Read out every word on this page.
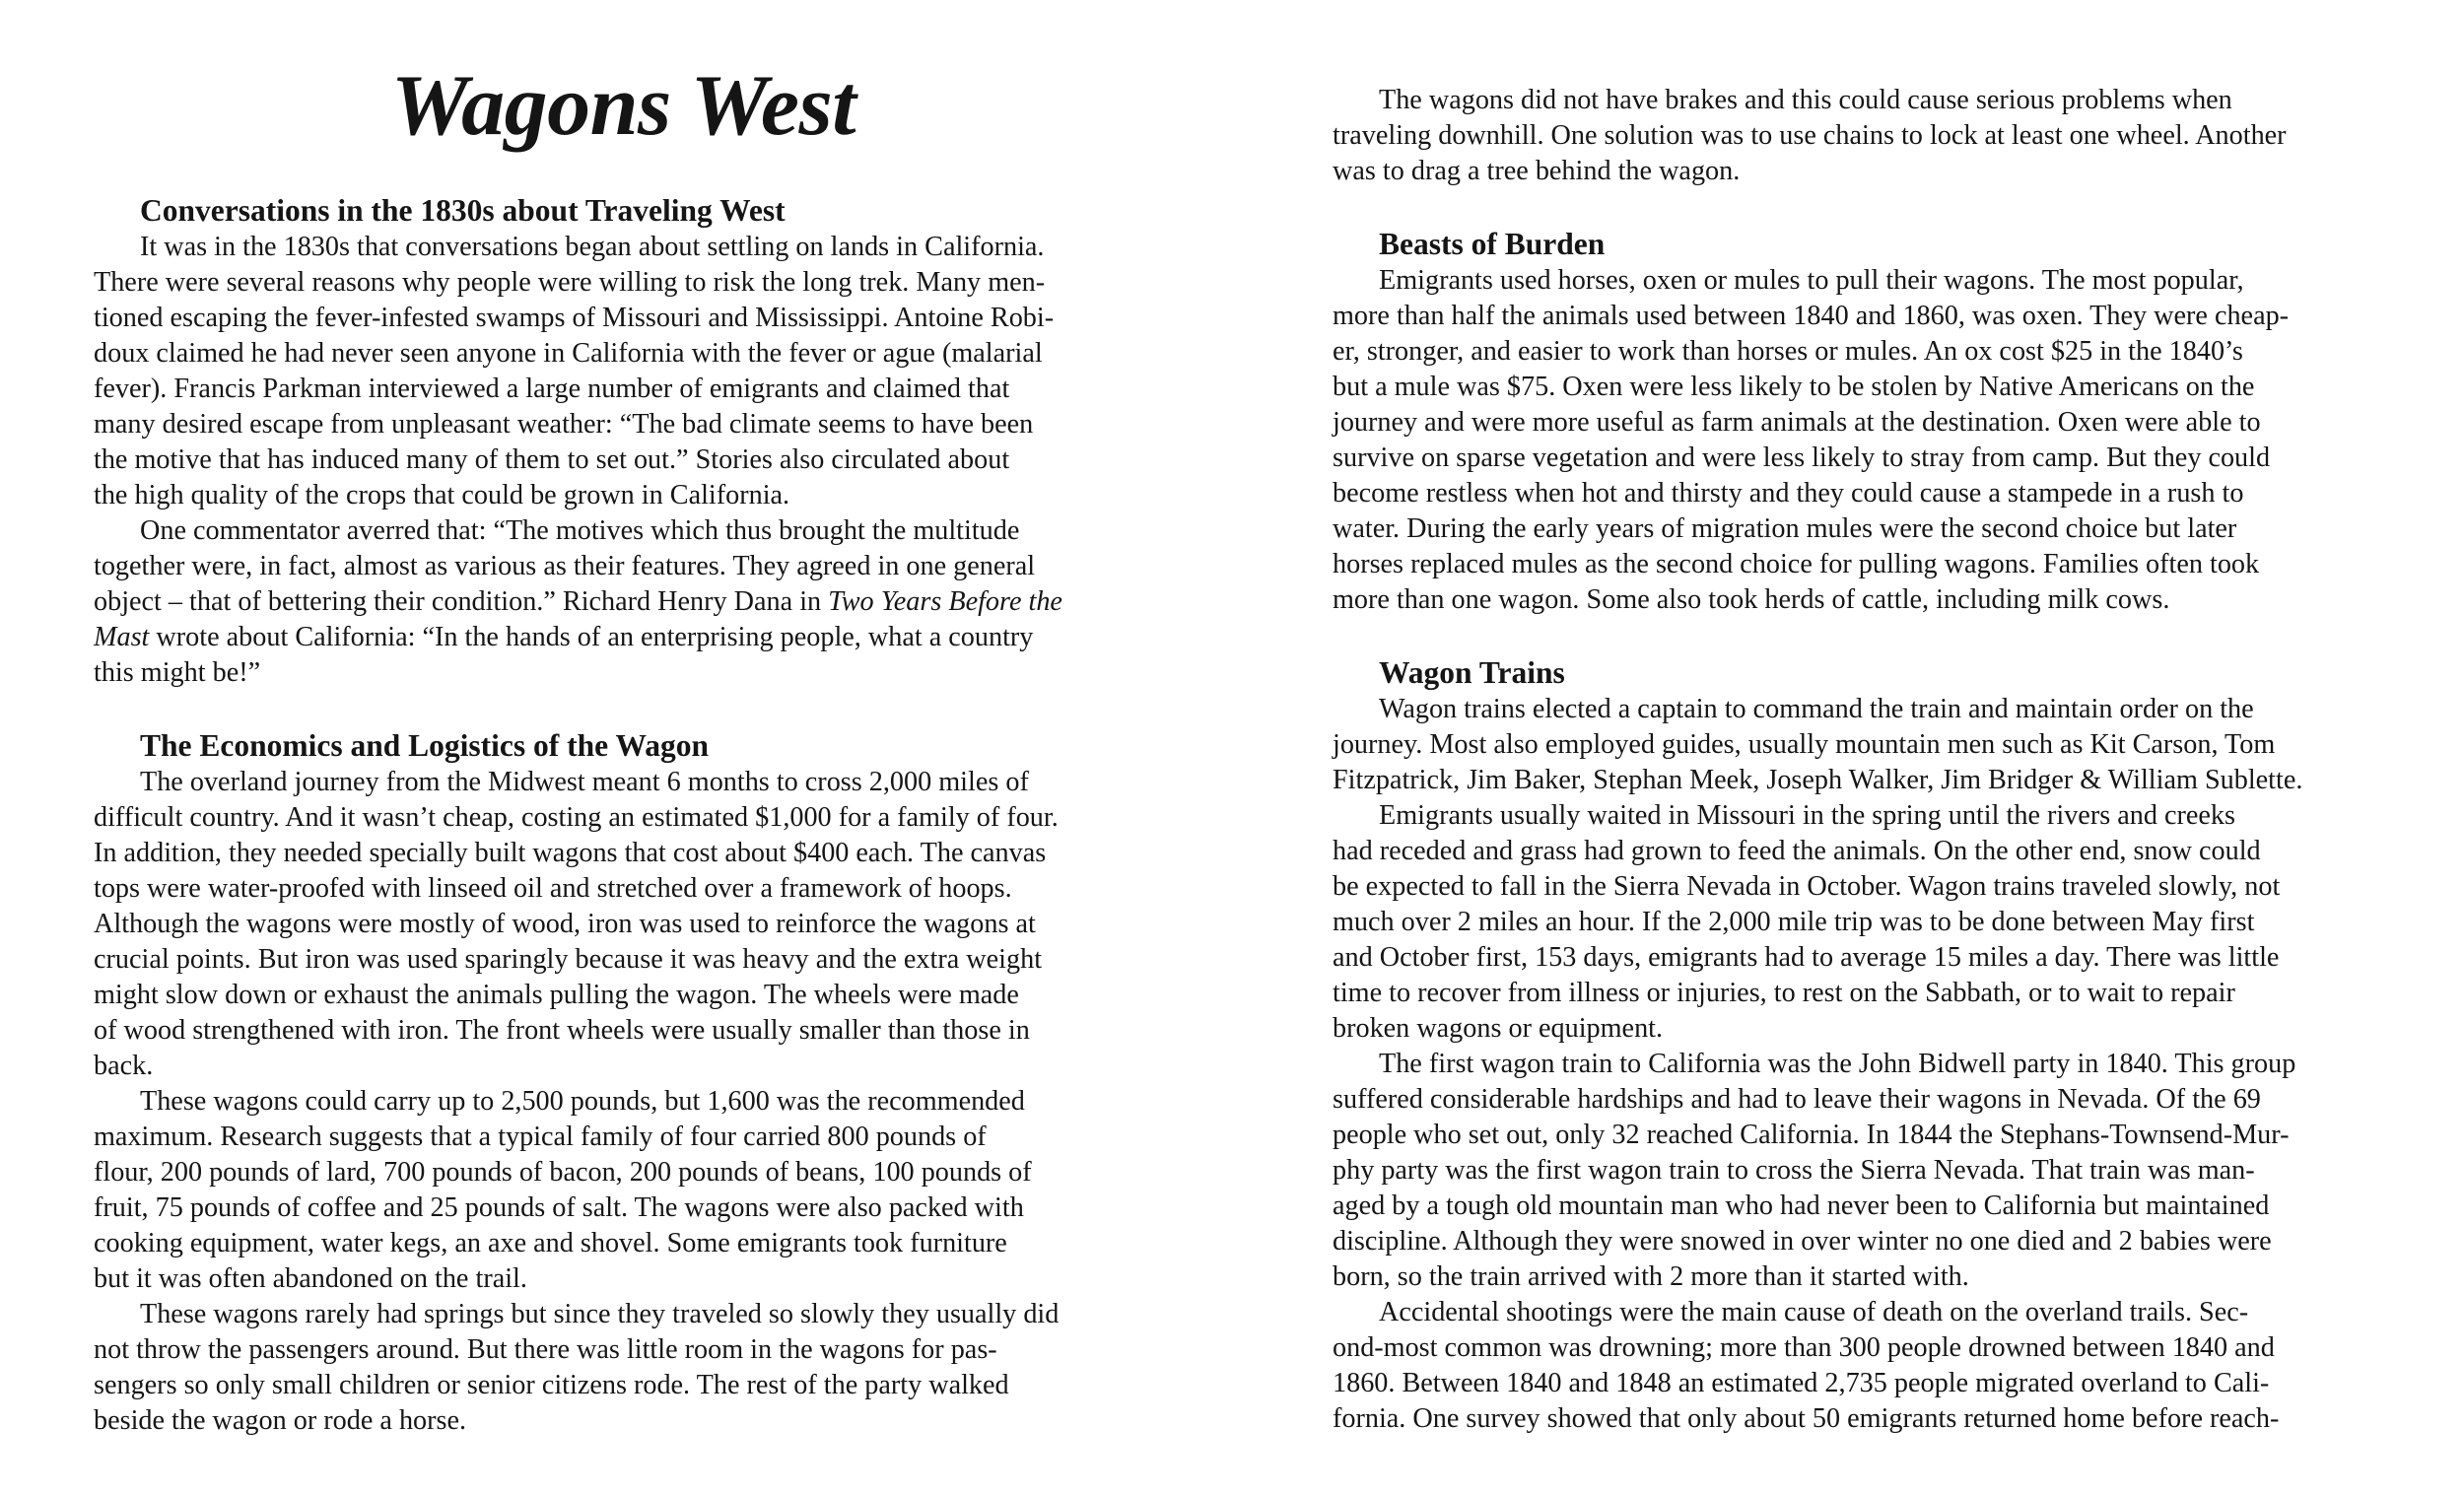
Wagons West
Conversations in the 1830s about Traveling West

It was in the 1830s that conversations began about settling on lands in California.
There were several reasons why people were willing to risk the long trek. Many men-
tioned escaping the fever-infested swamps of Missouri and Mississippi. Antoine Robi-
doux claimed he had never seen anyone in California with the fever or ague (malarial
fever). Francis Parkman interviewed a large number of emigrants and claimed that
many desired escape from unpleasant weather: “The bad climate seems to have been
the motive that has induced many of them to set out.” Stories also circulated about
the high quality of the crops that could be grown in California.

One commentator averred that: “The motives which thus brought the multitude
together were, in fact, almost as various as their features. They agreed in one general
object – that of bettering their condition.” Richard Henry Dana in Two Years Before the
Mast wrote about California: “In the hands of an enterprising people, what a country
this might be!”

The Economics and Logistics of the Wagon

The overland journey from the Midwest meant 6 months to cross 2,000 miles of
difficult country. And it wasn’t cheap, costing an estimated $1,000 for a family of four.
In addition, they needed specially built wagons that cost about $400 each. The canvas
tops were water-proofed with linseed oil and stretched over a framework of hoops.
Although the wagons were mostly of wood, iron was used to reinforce the wagons at
crucial points. But iron was used sparingly because it was heavy and the extra weight
might slow down or exhaust the animals pulling the wagon. The wheels were made
of wood strengthened with iron. The front wheels were usually smaller than those in
back.

These wagons could carry up to 2,500 pounds, but 1,600 was the recommended
maximum. Research suggests that a typical family of four carried 800 pounds of
flour, 200 pounds of lard, 700 pounds of bacon, 200 pounds of beans, 100 pounds of
fruit, 75 pounds of coffee and 25 pounds of salt. The wagons were also packed with
cooking equipment, water kegs, an axe and shovel. Some emigrants took furniture
but it was often abandoned on the trail.

These wagons rarely had springs but since they traveled so slowly they usually did
not throw the passengers around. But there was little room in the wagons for pas-
sengers so only small children or senior citizens rode. The rest of the party walked
beside the wagon or rode a horse.

The wagons did not have brakes and this could cause serious problems when
traveling downhill. One solution was to use chains to lock at least one wheel. Another
was to drag a tree behind the wagon.

Beasts of Burden

Emigrants used horses, oxen or mules to pull their wagons. The most popular,
more than half the animals used between 1840 and 1860, was oxen. They were cheap-
er, stronger, and easier to work than horses or mules. An ox cost $25 in the 1840’s
but a mule was $75. Oxen were less likely to be stolen by Native Americans on the
journey and were more useful as farm animals at the destination. Oxen were able to
survive on sparse vegetation and were less likely to stray from camp. But they could
become restless when hot and thirsty and they could cause a stampede in a rush to
water. During the early years of migration mules were the second choice but later
horses replaced mules as the second choice for pulling wagons. Families often took
more than one wagon. Some also took herds of cattle, including milk cows.

Wagon Trains

Wagon trains elected a captain to command the train and maintain order on the
journey. Most also employed guides, usually mountain men such as Kit Carson, Tom
Fitzpatrick, Jim Baker, Stephan Meek, Joseph Walker, Jim Bridger & William Sublette.

Emigrants usually waited in Missouri in the spring until the rivers and creeks
had receded and grass had grown to feed the animals. On the other end, snow could
be expected to fall in the Sierra Nevada in October. Wagon trains traveled slowly, not
much over 2 miles an hour. If the 2,000 mile trip was to be done between May first
and October first, 153 days, emigrants had to average 15 miles a day. There was little
time to recover from illness or injuries, to rest on the Sabbath, or to wait to repair
broken wagons or equipment.

The first wagon train to California was the John Bidwell party in 1840. This group
suffered considerable hardships and had to leave their wagons in Nevada. Of the 69
people who set out, only 32 reached California. In 1844 the Stephans-Townsend-Mur-
phy party was the first wagon train to cross the Sierra Nevada. That train was man-
aged by a tough old mountain man who had never been to California but maintained
discipline. Although they were snowed in over winter no one died and 2 babies were
born, so the train arrived with 2 more than it started with.

Accidental shootings were the main cause of death on the overland trails. Sec-
ond-most common was drowning; more than 300 people drowned between 1840 and
1860. Between 1840 and 1848 an estimated 2,735 people migrated overland to Cali-
fornia. One survey showed that only about 50 emigrants returned home before reach-
